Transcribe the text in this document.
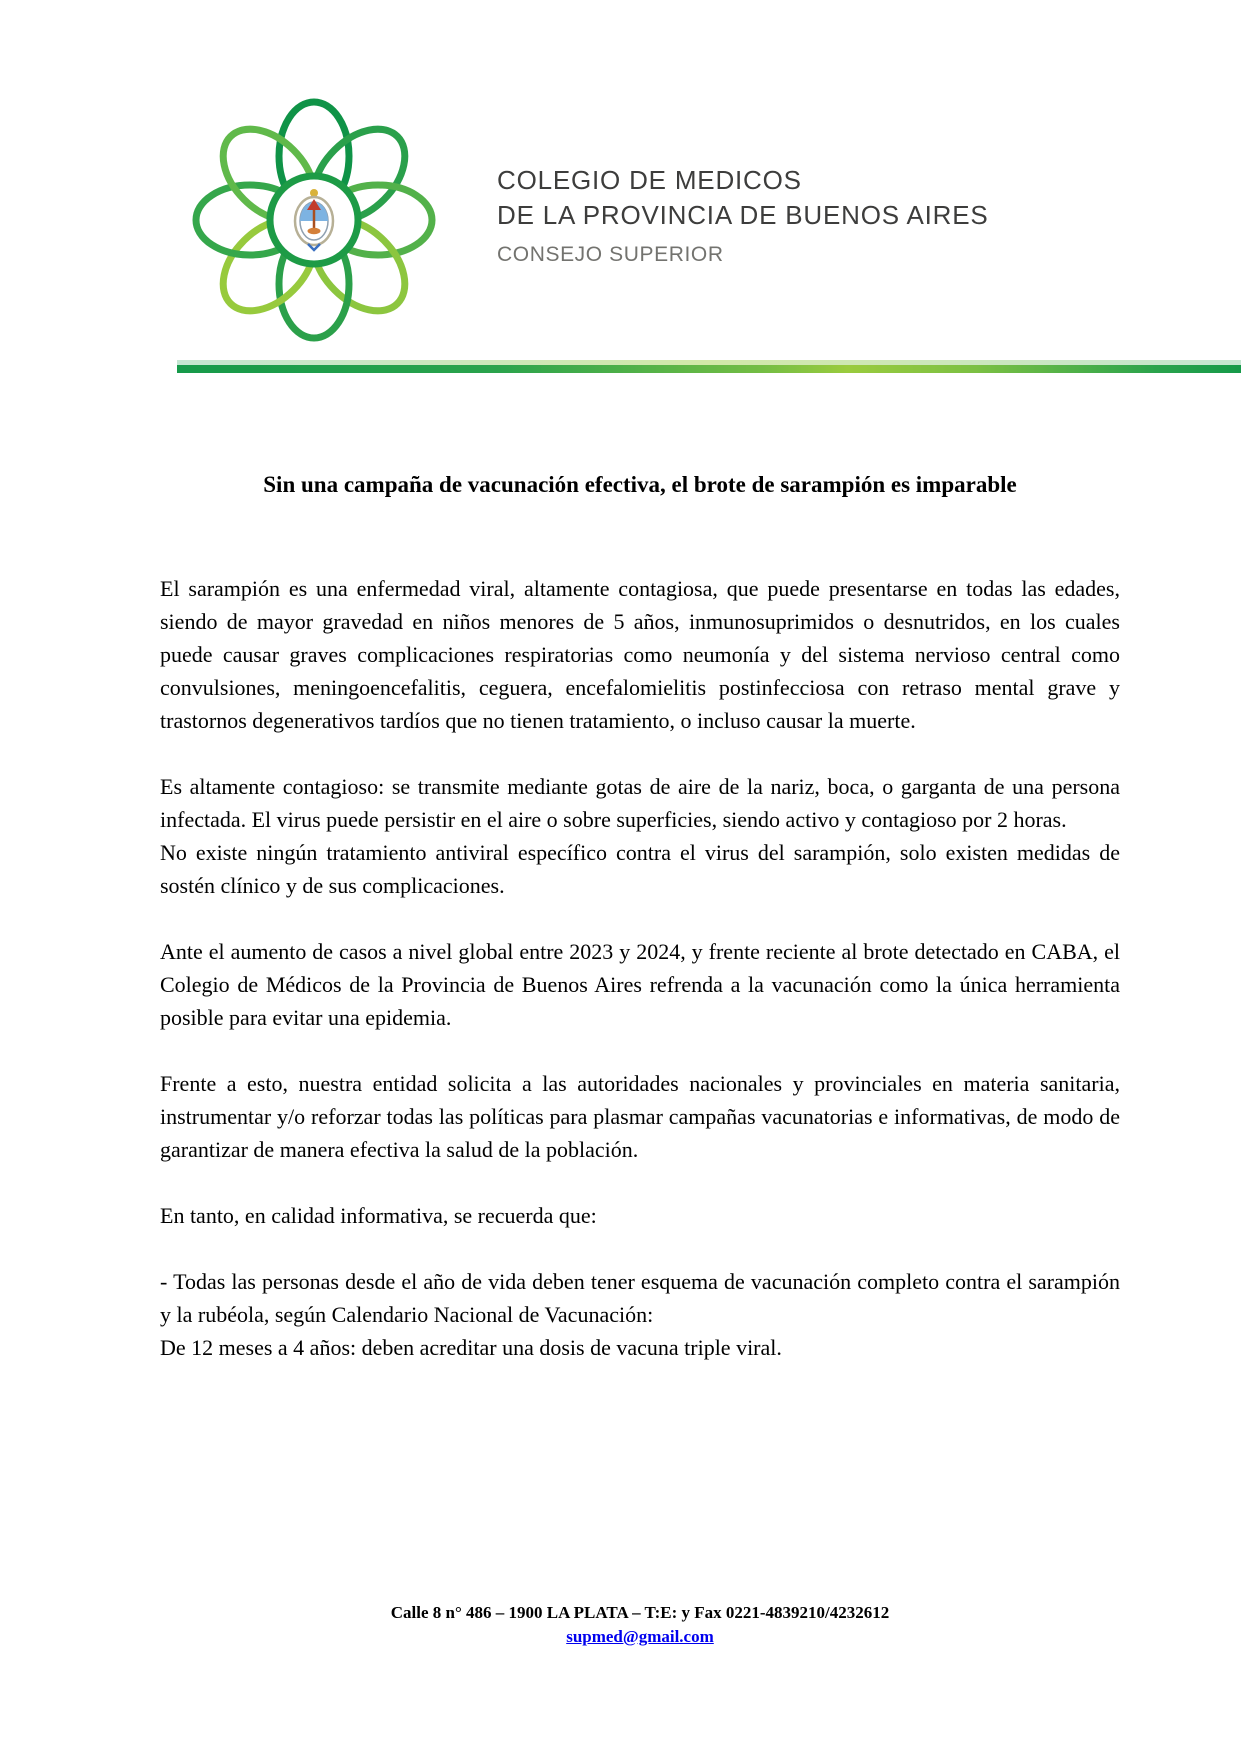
COLEGIO DE MEDICOS
DE LA PROVINCIA DE BUENOS AIRES
CONSEJO SUPERIOR
Sin una campaña de vacunación efectiva, el brote de sarampión es imparable

El sarampión es una enfermedad viral, altamente contagiosa, que puede presentarse en todas las edades, siendo de mayor gravedad en niños menores de 5 años, inmunosuprimidos o desnutridos, en los cuales puede causar graves complicaciones respiratorias como neumonía y del sistema nervioso central como convulsiones, meningoencefalitis, ceguera, encefalomielitis postinfecciosa con retraso mental grave y trastornos degenerativos tardíos que no tienen tratamiento, o incluso causar la muerte.

Es altamente contagioso: se transmite mediante gotas de aire de la nariz, boca, o garganta de una persona infectada. El virus puede persistir en el aire o sobre superficies, siendo activo y contagioso por 2 horas.

No existe ningún tratamiento antiviral específico contra el virus del sarampión, solo existen medidas de sostén clínico y de sus complicaciones.

Ante el aumento de casos a nivel global entre 2023 y 2024, y frente reciente al brote detectado en CABA, el Colegio de Médicos de la Provincia de Buenos Aires refrenda a la vacunación como la única herramienta posible para evitar una epidemia.

Frente a esto, nuestra entidad solicita a las autoridades nacionales y provinciales en materia sanitaria, instrumentar y/o reforzar todas las políticas para plasmar campañas vacunatorias e informativas, de modo de garantizar de manera efectiva la salud de la población.

En tanto, en calidad informativa, se recuerda que:

- Todas las personas desde el año de vida deben tener esquema de vacunación completo contra el sarampión y la rubéola, según Calendario Nacional de Vacunación:

De 12 meses a 4 años: deben acreditar una dosis de vacuna triple viral.

Calle 8 n° 486 – 1900 LA PLATA – T:E: y Fax 0221-4839210/4232612
supmed@gmail.com
